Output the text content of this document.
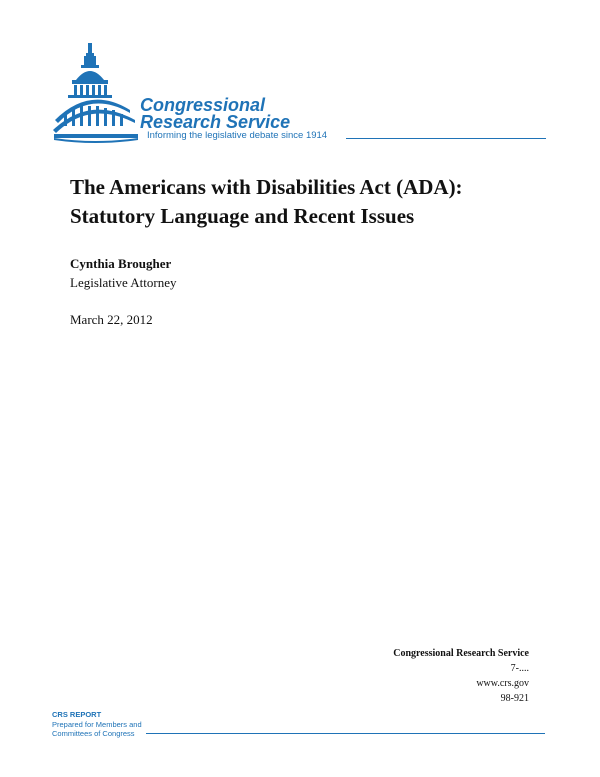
Congressional
Research Service
Informing the legislative debate since 1914
The Americans with Disabilities Act (ADA): Statutory Language and Recent Issues
Cynthia Brougher
Legislative Attorney
March 22, 2012
Congressional Research Service
7-....
www.crs.gov
98-921
CRS REPORT
Prepared for Members and
Committees of Congress
